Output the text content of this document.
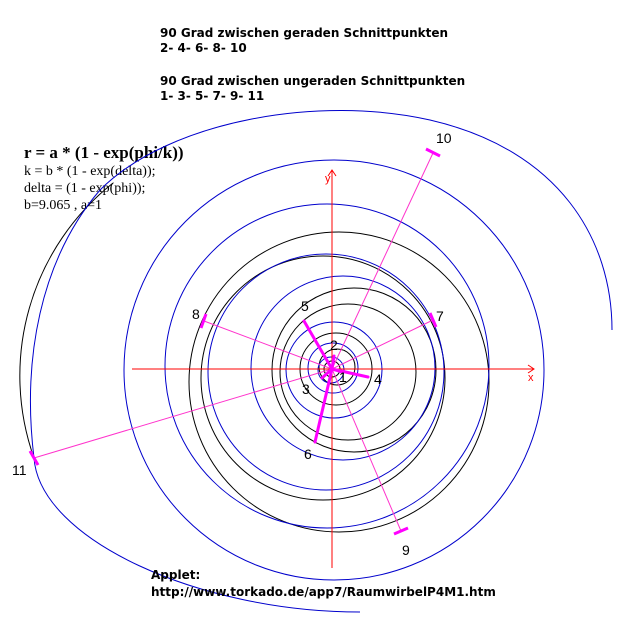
90 Grad zwischen geraden Schnittpunkten
2- 4- 6- 8- 10
90 Grad zwischen ungeraden Schnittpunkten
1- 3- 5- 7- 9- 11
r = a * (1 - exp(phi/k))
k = b * (1 - exp(delta));
delta = (1 - exp(phi));
b=9.065 , a=1
x
y
1
2
3
4
5
6
7
8
9
10
11
Applet:
http://www.torkado.de/app7/RaumwirbelP4M1.htm
